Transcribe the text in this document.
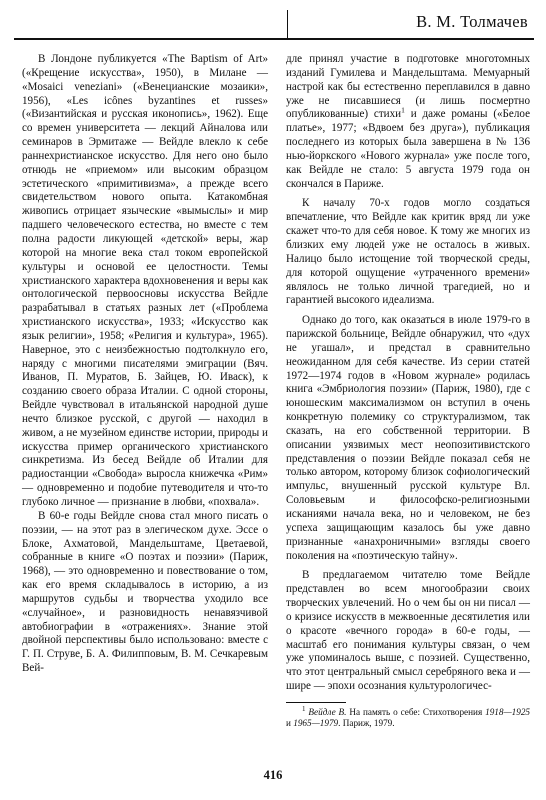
В. М. Толмачев

В Лондоне публикуется «The Baptism of Art» («Крещение искусства», 1950), в Милане — «Mosaici veneziani» («Венецианские мозаики», 1956), «Les icônes byzantines et russes» («Византийская и русская иконопись», 1962). Еще со времен университета — лекций Айналова или семинаров в Эрмитаже — Вейдле влекло к себе раннехристианское искусство. Для него оно было отнюдь не «приемом» или высоким образцом эстетического «примитивизма», а прежде всего свидетельством нового опыта. Катакомбная живопись отрицает языческие «вымыслы» и мир падшего человеческого естества, но вместе с тем полна радости ликующей «детской» веры, жар которой на многие века стал током европейской культуры и основой ее целостности. Темы христианского характера вдохновенения и веры как онтологической первоосновы искусства Вейдле разрабатывал в статьях разных лет («Проблема христианского искусства», 1933; «Искусство как язык религии», 1958; «Религия и культура», 1965). Наверное, это с неизбежностью подтолкнуло его, наряду с многими писателями эмиграции (Вяч. Иванов, П. Муратов, Б. Зайцев, Ю. Иваск), к созданию своего образа Италии. С одной стороны, Вейдле чувствовал в итальянской народной душе нечто близкое русской, с другой — находил в живом, а не музейном единстве истории, природы и искусства пример органического христианского синкретизма. Из бесед Вейдле об Италии для радиостанции «Свобода» выросла книжечка «Рим» — одновременно и подобие путеводителя и что-то глубоко личное — признание в любви, «похвала».

В 60-е годы Вейдле снова стал много писать о поэзии, — на этот раз в элегическом духе. Эссе о Блоке, Ахматовой, Мандельштаме, Цветаевой, собранные в книге «О поэтах и поэзии» (Париж, 1968), — это одновременно и повествование о том, как его время складывалось в историю, а из маршрутов судьбы и творчества уходило все «случайное», и разновидность ненавязчивой автобиографии в «отражениях». Знание этой двойной перспективы было использовано: вместе с Г. П. Струве, Б. А. Филипповым, В. М. Сечкаревым Вей-

дле принял участие в подготовке многотомных изданий Гумилева и Мандельштама. Мемуарный настрой как бы естественно переплавился в давно уже не писавшиеся (и лишь посмертно опубликованные) стихи$^1$ и даже романы («Белое платье», 1977; «Вдвоем без друга»), публикация последнего из которых была завершена в № 136 нью-йоркского «Нового журнала» уже после того, как Вейдле не стало: 5 августа 1979 года он скончался в Париже.

К началу 70-х годов могло создаться впечатление, что Вейдле как критик вряд ли уже скажет что-то для себя новое. К тому же многих из близких ему людей уже не осталось в живых. Налицо было истощение той творческой среды, для которой ощущение «утраченного времени» являлось не только личной трагедией, но и гарантией высокого идеализма.

Однако до того, как оказаться в июле 1979-го в парижской больнице, Вейдле обнаружил, что «дух не угашал», и предстал в сравнительно неожиданном для себя качестве. Из серии статей 1972—1974 годов в «Новом журнале» родилась книга «Эмбриология поэзии» (Париж, 1980), где с юношеским максимализмом он вступил в очень конкретную полемику со структурализмом, так сказать, на его собственной территории. В описании уязвимых мест неопозитивистского представления о поэзии Вейдле показал себя не только автором, которому близок софиологический импульс, внушенный русской культуре Вл. Соловьевым и философско-религиозными исканиями начала века, но и человеком, не без успеха защищающим казалось бы уже давно признанные «анахроничными» взгляды своего поколения на «поэтическую тайну».

В предлагаемом читателю томе Вейдле представлен во всем многообразии своих творческих увлечений. Но о чем бы он ни писал — о кризисе искусств в межвоенные десятилетия или о красоте «вечного города» в 60-е годы, — масштаб его понимания культуры связан, о чем уже упоминалось выше, с поэзией. Существенно, что этот центральный смысл серебряного века и — шире — эпохи осознания культурологичес-

$^1$ Вейдле В. На память о себе: Стихотворения 1918—1925 и 1965—1979. Париж, 1979.
416
